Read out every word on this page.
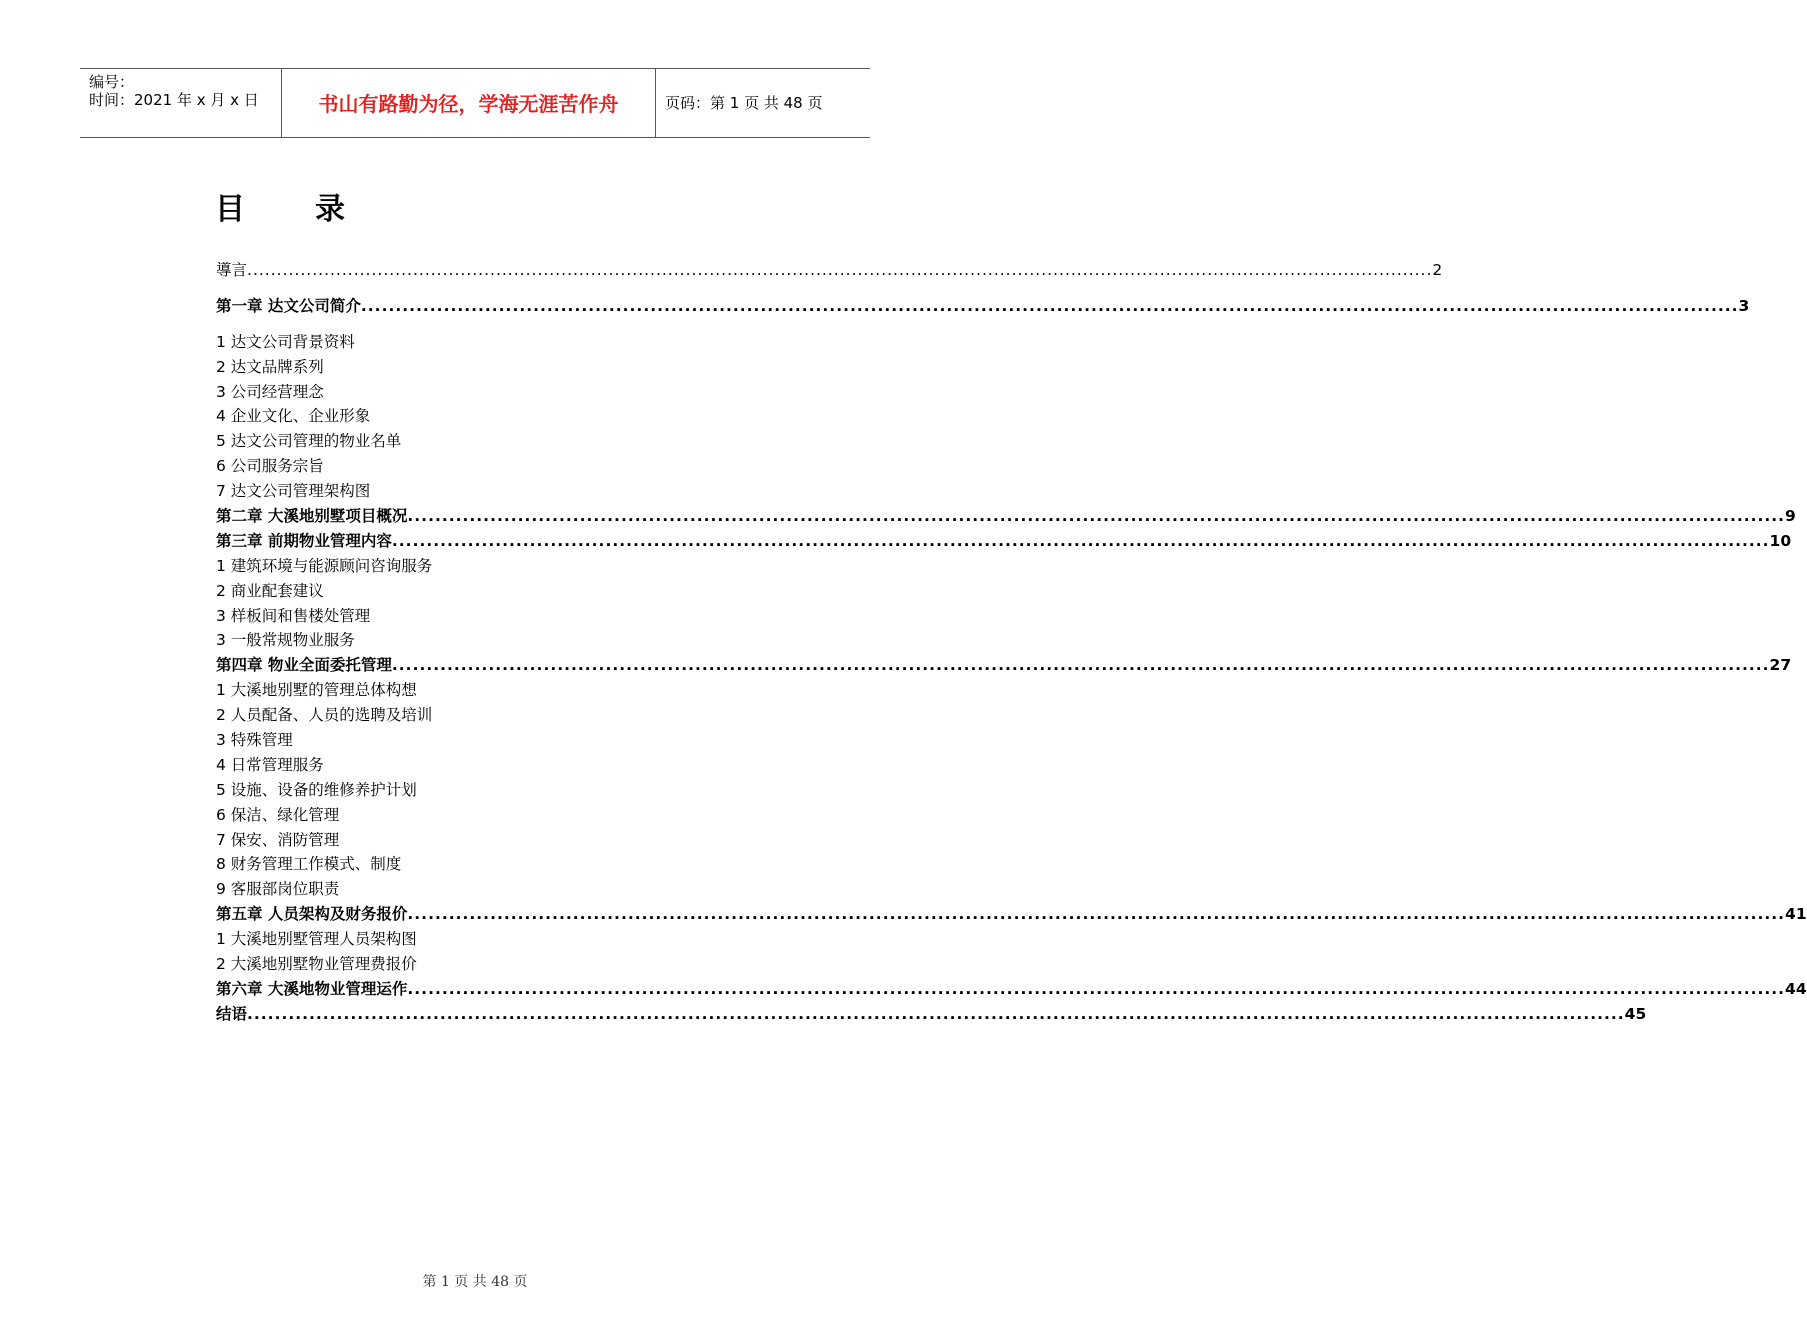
编号：
时间：2021 年 x 月 x 日	书山有路勤为径，学海无涯苦作舟	页码：第 1 页 共 48 页
目 录
導言 ........................................................................................................................................................................................................ 2
第一章 达文公司简介 ........................................................................................................................................................................................................ 3
1 达文公司背景资料
2 达文品牌系列
3 公司经营理念
4 企业文化、企业形象
5 达文公司管理的物业名单
6 公司服务宗旨
7 达文公司管理架构图
第二章 大溪地别墅项目概况 ........................................................................................................................................................................................................ 9
第三章 前期物业管理内容 ........................................................................................................................................................................................................ 10
1 建筑环境与能源顾问咨询服务
2 商业配套建议
3 样板间和售楼处管理
3 一般常规物业服务
第四章 物业全面委托管理 ........................................................................................................................................................................................................ 27
1 大溪地别墅的管理总体构想
2 人员配备、人员的选聘及培训
3 特殊管理
4 日常管理服务
5 设施、设备的维修养护计划
6 保洁、绿化管理
7 保安、消防管理
8 财务管理工作模式、制度
9 客服部岗位职责
第五章 人员架构及财务报价 ........................................................................................................................................................................................................ 41
1 大溪地别墅管理人员架构图
2 大溪地别墅物业管理费报价
第六章 大溪地物业管理运作 ........................................................................................................................................................................................................ 44
结语 ........................................................................................................................................................................................................ 45
第 1 页 共 48 页
